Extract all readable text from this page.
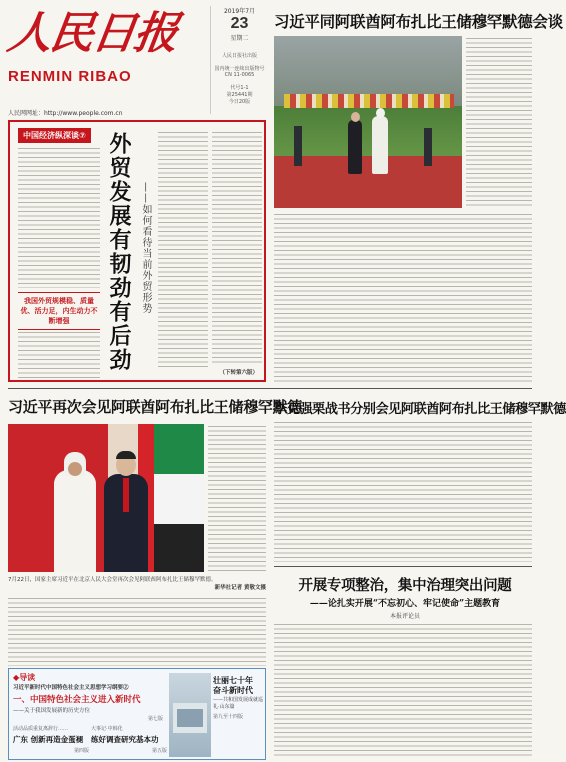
人民日报
RENMIN RIBAO
人民网网址：http://www.people.com.cn
2019年7月
23
星期二
人民日报社出版
国内统一连续出版物号
CN 11-0065
代号1-1
第25441期
今日20版
习近平同阿联酋阿布扎比王储穆罕默德会谈
中国经济纵深谈⑦
我国外贸规模稳、质量优、活力足，内生动力不断增强	外贸发展有韧劲有后劲 ——如何看待当前外贸形势
（下转第六版）
习近平再次会见阿联酋阿布扎比王储穆罕默德
7月22日，国家主席习近平在北京人民大会堂再次会见阿联酋阿布扎比王储穆罕默德。
新华社记者 黄敬文摄
李克强栗战书分别会见阿联酋阿布扎比王储穆罕默德
开展专项整治，集中治理突出问题
——论扎实开展“不忘初心、牢记使命”主题教育
本报评论员
◆导读
习近平新时代中国特色社会主义思想学习纲要②
一、中国特色社会主义进入新时代
——关于我国发展新的历史方位
第七版
活动品质重复离辞行……
广东 创新再造金蛋褪
第四版
大事记·中韩化
练好调查研究基本功
第五版
壮丽七十年 奋斗新时代
——共和国发展成就巡礼·山东篇
第九至十四版
